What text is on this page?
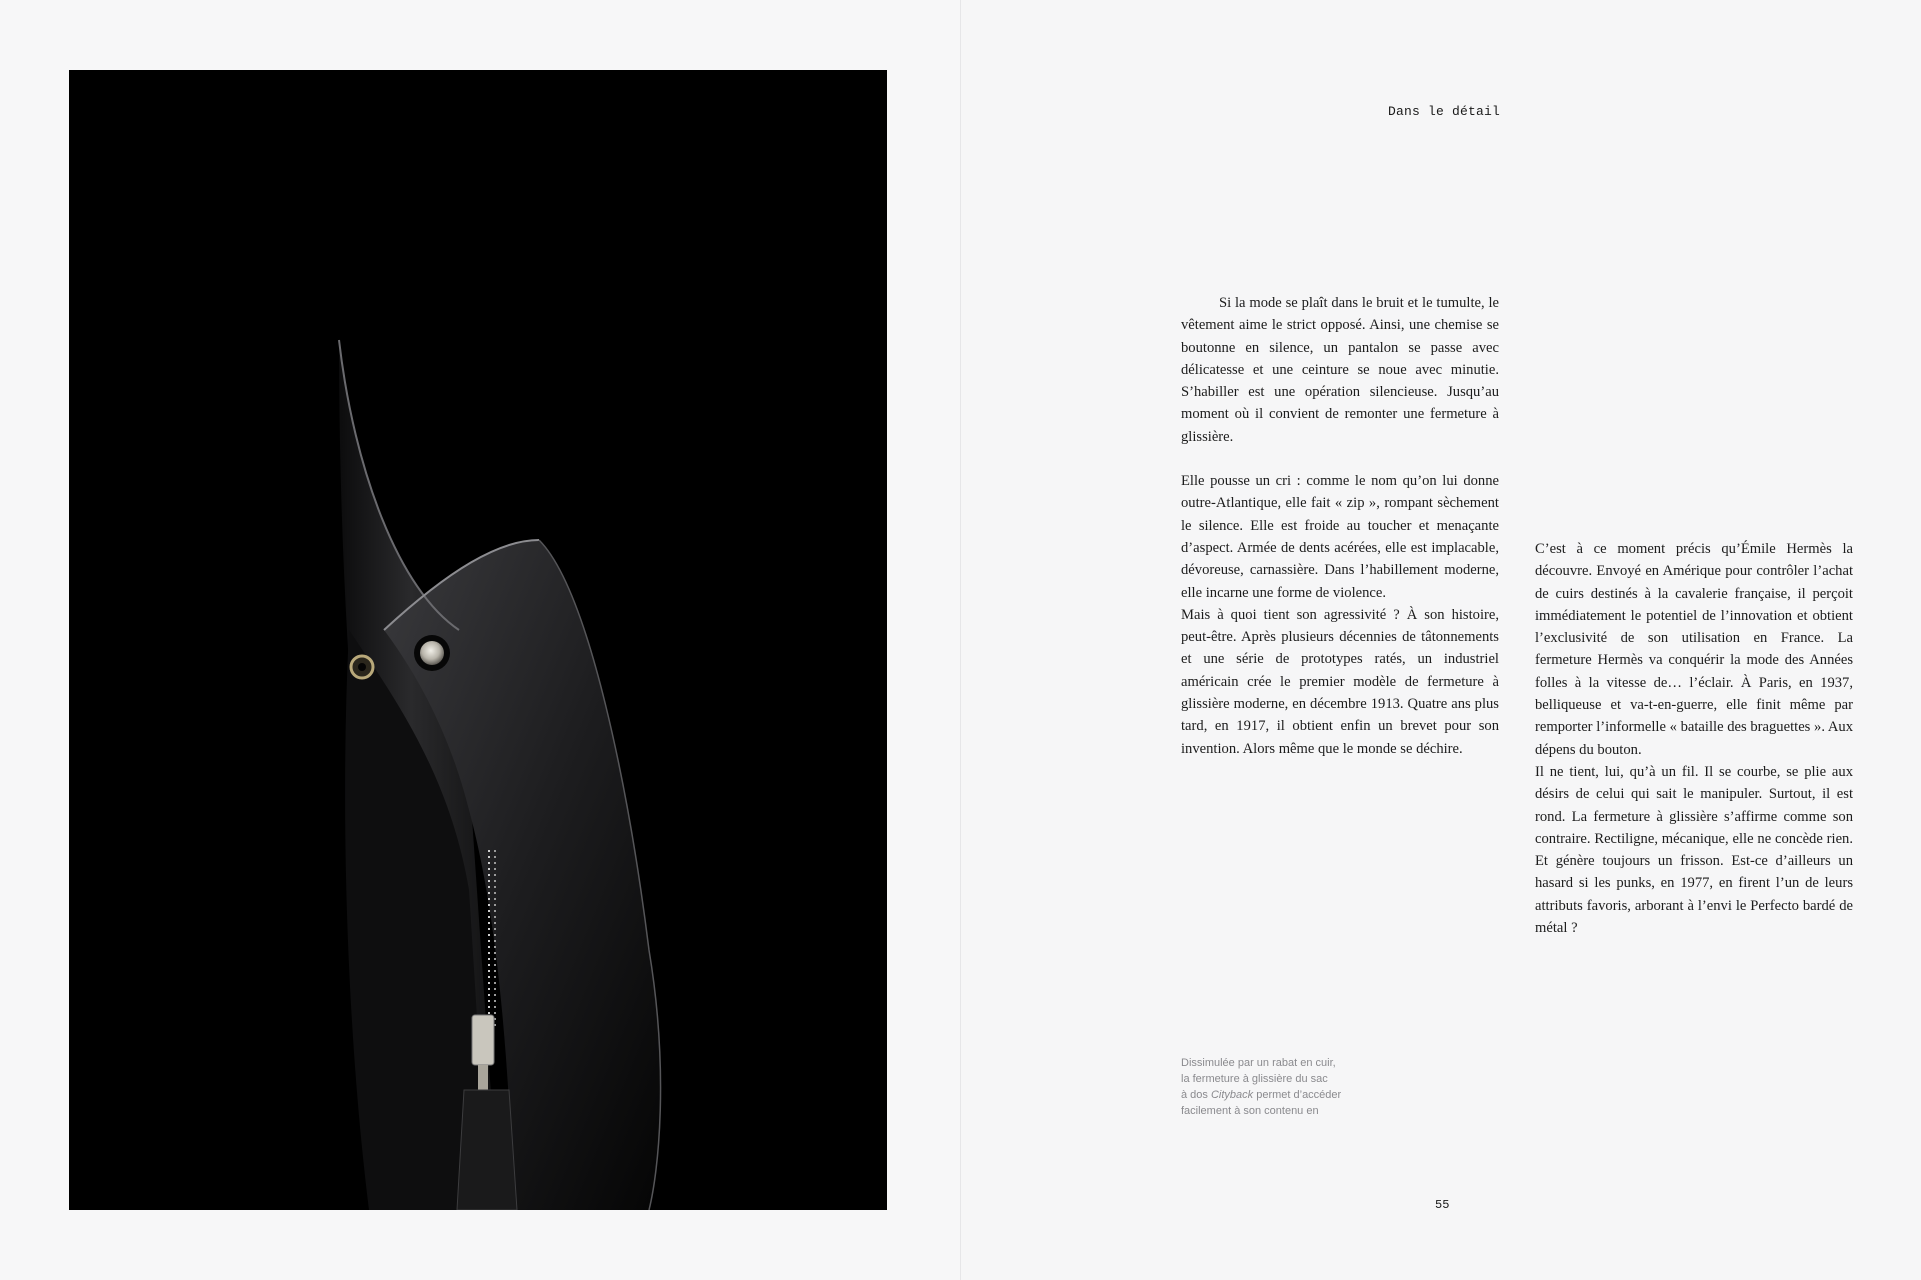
Dans le détail

Si la mode se plaît dans le bruit et le tumulte, le vêtement aime le strict opposé. Ainsi, une chemise se boutonne en silence, un pantalon se passe avec délicatesse et une ceinture se noue avec minutie. S’habiller est une opération silencieuse. Jusqu’au moment où il convient de remonter une fermeture à glissière.

Elle pousse un cri : comme le nom qu’on lui donne outre-Atlantique, elle fait « zip », rompant sèchement le silence. Elle est froide au toucher et menaçante d’aspect. Armée de dents acérées, elle est implacable, dévoreuse, carnassière. Dans l’habillement moderne, elle incarne une forme de violence.

Mais à quoi tient son agressivité ? À son histoire, peut-être. Après plusieurs décennies de tâtonnements et une série de prototypes ratés, un industriel américain crée le premier modèle de fermeture à glissière moderne, en décembre 1913. Quatre ans plus tard, en 1917, il obtient enfin un brevet pour son invention. Alors même que le monde se déchire.

C’est à ce moment précis qu’Émile Hermès la découvre. Envoyé en Amérique pour contrôler l’achat de cuirs destinés à la cavalerie française, il perçoit immédiatement le potentiel de l’innovation et obtient l’exclusivité de son utilisation en France. La fermeture Hermès va conquérir la mode des Années folles à la vitesse de… l’éclair. À Paris, en 1937, belliqueuse et va-t-en-guerre, elle finit même par remporter l’informelle « bataille des braguettes ». Aux dépens du bouton.

Il ne tient, lui, qu’à un fil. Il se courbe, se plie aux désirs de celui qui sait le manipuler. Surtout, il est rond. La fermeture à glissière s’affirme comme son contraire. Rectiligne, mécanique, elle ne concède rien. Et génère toujours un frisson. Est-ce d’ailleurs un hasard si les punks, en 1977, en firent l’un de leurs attributs favoris, arborant à l’envi le Perfecto bardé de métal ?

Dissimulée par un rabat en cuir,
la fermeture à glissière du sac
à dos Cityback permet d’accéder
facilement à son contenu en
55
